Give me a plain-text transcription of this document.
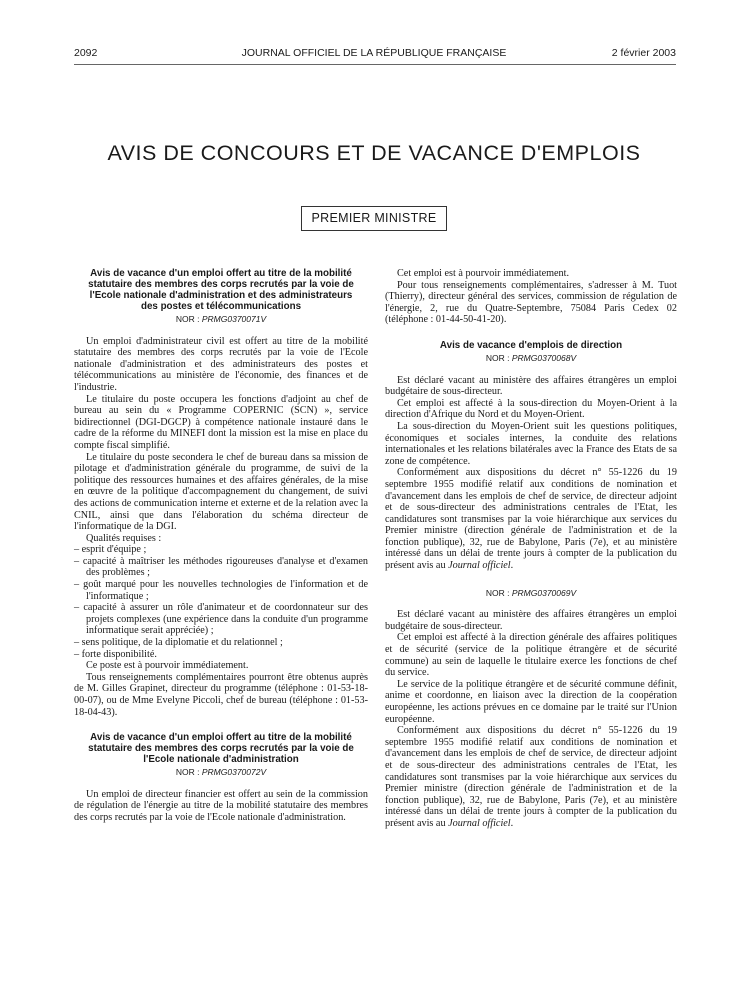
2092	JOURNAL OFFICIEL DE LA RÉPUBLIQUE FRANÇAISE	2 février 2003
AVIS DE CONCOURS ET DE VACANCE D'EMPLOIS
PREMIER MINISTRE
Avis de vacance d'un emploi offert au titre de la mobilité statutaire des membres des corps recrutés par la voie de l'Ecole nationale d'administration et des administrateurs des postes et télécommunications
NOR : PRMG0370071V

Un emploi d'administrateur civil est offert au titre de la mobilité statutaire des membres des corps recrutés par la voie de l'Ecole nationale d'administration et des administrateurs des postes et télécommunications au ministère de l'économie, des finances et de l'industrie.

Le titulaire du poste occupera les fonctions d'adjoint au chef de bureau au sein du « Programme COPERNIC (SCN) », service bidirectionnel (DGI-DGCP) à compétence nationale instauré dans le cadre de la réforme du MINEFI dont la mission est la mise en place du compte fiscal simplifié.

Le titulaire du poste secondera le chef de bureau dans sa mission de pilotage et d'administration générale du programme, de suivi de la politique des ressources humaines et des affaires générales, de la mise en œuvre de la politique d'accompagnement du changement, de suivi des actions de communication interne et externe et de la relation avec la CNIL, ainsi que dans l'élaboration du schéma directeur de l'informatique de la DGI.

Qualités requises :

– esprit d'équipe ;
– capacité à maîtriser les méthodes rigoureuses d'analyse et d'examen des problèmes ;
– goût marqué pour les nouvelles technologies de l'information et de l'informatique ;
– capacité à assurer un rôle d'animateur et de coordonnateur sur des projets complexes (une expérience dans la conduite d'un programme informatique serait appréciée) ;
– sens politique, de la diplomatie et du relationnel ;
– forte disponibilité.

Ce poste est à pourvoir immédiatement.

Tous renseignements complémentaires pourront être obtenus auprès de M. Gilles Grapinet, directeur du programme (téléphone : 01-53-18-00-07), ou de Mme Evelyne Piccoli, chef de bureau (téléphone : 01-53-18-04-43).

Avis de vacance d'un emploi offert au titre de la mobilité statutaire des membres des corps recrutés par la voie de l'Ecole nationale d'administration
NOR : PRMG0370072V

Un emploi de directeur financier est offert au sein de la commission de régulation de l'énergie au titre de la mobilité statutaire des membres des corps recrutés par la voie de l'Ecole nationale d'administration.

Cet emploi est à pourvoir immédiatement.

Pour tous renseignements complémentaires, s'adresser à M. Tuot (Thierry), directeur général des services, commission de régulation de l'énergie, 2, rue du Quatre-Septembre, 75084 Paris Cedex 02 (téléphone : 01-44-50-41-20).

Avis de vacance d'emplois de direction
NOR : PRMG0370068V

Est déclaré vacant au ministère des affaires étrangères un emploi budgétaire de sous-directeur.

Cet emploi est affecté à la sous-direction du Moyen-Orient à la direction d'Afrique du Nord et du Moyen-Orient.

La sous-direction du Moyen-Orient suit les questions politiques, économiques et sociales internes, la conduite des relations internationales et les relations bilatérales avec la France des Etats de sa zone de compétence.

Conformément aux dispositions du décret n° 55-1226 du 19 septembre 1955 modifié relatif aux conditions de nomination et d'avancement dans les emplois de chef de service, de directeur adjoint et de sous-directeur des administrations centrales de l'Etat, les candidatures sont transmises par la voie hiérarchique aux services du Premier ministre (direction générale de l'administration et de la fonction publique), 32, rue de Babylone, Paris (7e), et au ministère intéressé dans un délai de trente jours à compter de la publication du présent avis au Journal officiel.

NOR : PRMG0370069V

Est déclaré vacant au ministère des affaires étrangères un emploi budgétaire de sous-directeur.

Cet emploi est affecté à la direction générale des affaires politiques et de sécurité (service de la politique étrangère et de sécurité commune) au sein de laquelle le titulaire exerce les fonctions de chef du service.

Le service de la politique étrangère et de sécurité commune définit, anime et coordonne, en liaison avec la direction de la coopération européenne, les actions prévues en ce domaine par le traité sur l'Union européenne.

Conformément aux dispositions du décret n° 55-1226 du 19 septembre 1955 modifié relatif aux conditions de nomination et d'avancement dans les emplois de chef de service, de directeur adjoint et de sous-directeur des administrations centrales de l'Etat, les candidatures sont transmises par la voie hiérarchique aux services du Premier ministre (direction générale de l'administration et de la fonction publique), 32, rue de Babylone, Paris (7e), et au ministère intéressé dans un délai de trente jours à compter de la publication du présent avis au Journal officiel.
